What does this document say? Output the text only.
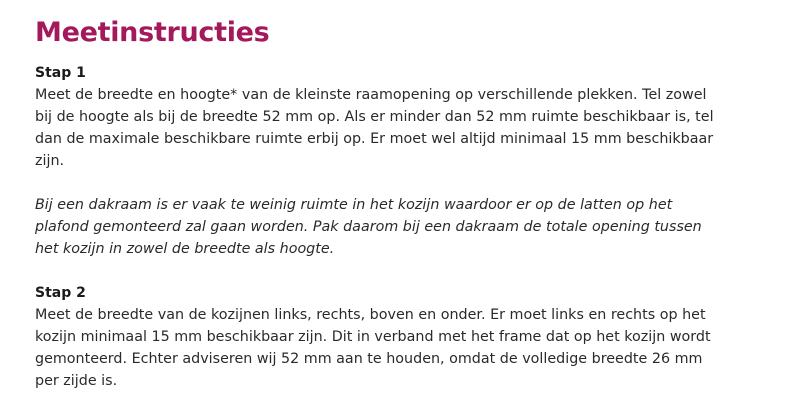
Meetinstructies
Stap 1

Meet de breedte en hoogte* van de kleinste raamopening op verschillende plekken. Tel zowel bij de hoogte als bij de breedte 52 mm op. Als er minder dan 52 mm ruimte beschikbaar is, tel dan de maximale beschikbare ruimte erbij op. Er moet wel altijd minimaal 15 mm beschikbaar zijn.

Bij een dakraam is er vaak te weinig ruimte in het kozijn waardoor er op de latten op het plafond gemonteerd zal gaan worden. Pak daarom bij een dakraam de totale opening tussen het kozijn in zowel de breedte als hoogte.

Stap 2

Meet de breedte van de kozijnen links, rechts, boven en onder. Er moet links en rechts op het kozijn minimaal 15 mm beschikbaar zijn. Dit in verband met het frame dat op het kozijn wordt gemonteerd. Echter adviseren wij 52 mm aan te houden, omdat de volledige breedte 26 mm per zijde is.
